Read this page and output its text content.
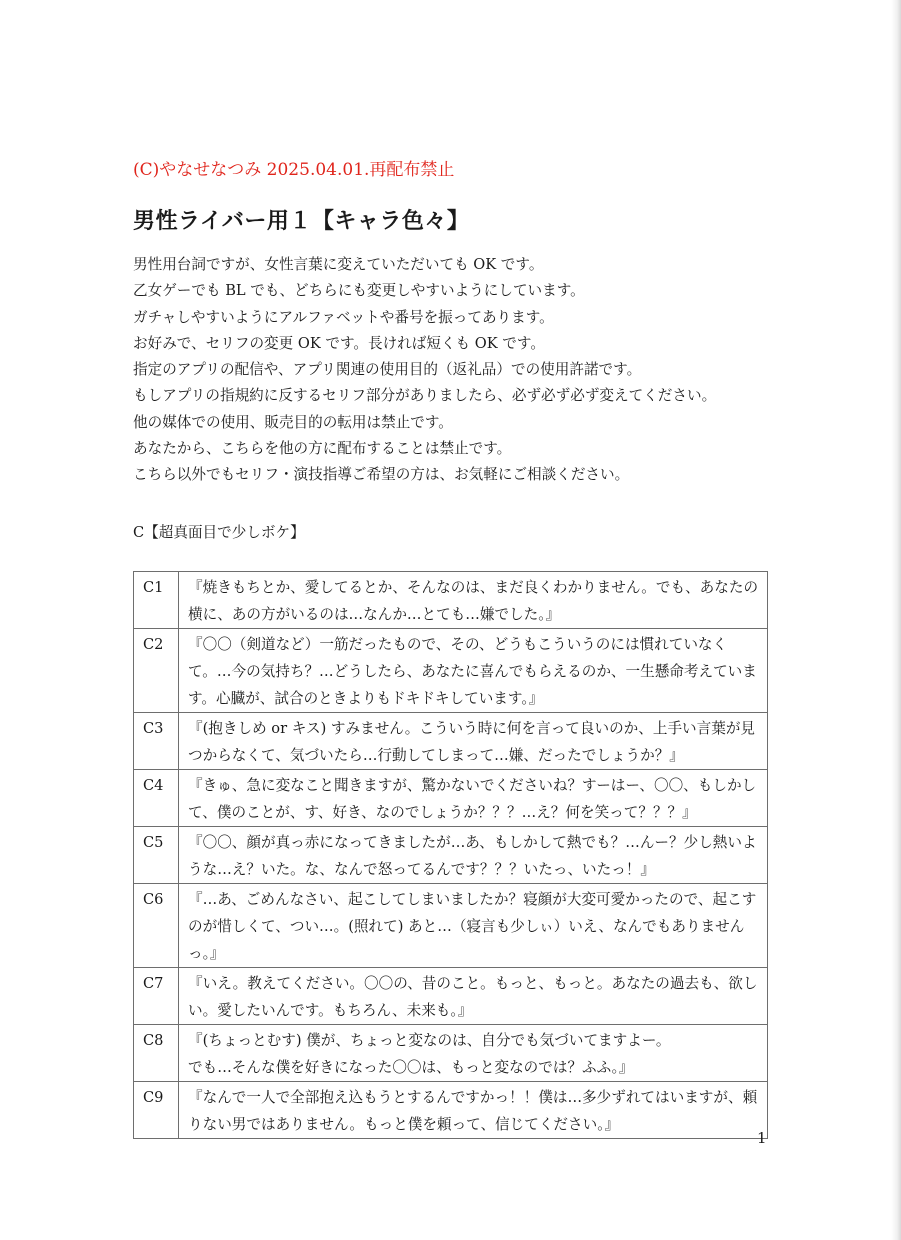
(C)やなせなつみ 2025.04.01.再配布禁止
男性ライバー用１【キャラ色々】
男性用台詞ですが、女性言葉に変えていただいても OK です。
乙女ゲーでも BL でも、どちらにも変更しやすいようにしています。
ガチャしやすいようにアルファベットや番号を振ってあります。
お好みで、セリフの変更 OK です。長ければ短くも OK です。
指定のアプリの配信や、アプリ関連の使用目的（返礼品）での使用許諾です。
もしアプリの指規約に反するセリフ部分がありましたら、必ず必ず必ず変えてください。
他の媒体での使用、販売目的の転用は禁止です。
あなたから、こちらを他の方に配布することは禁止です。
こちら以外でもセリフ・演技指導ご希望の方は、お気軽にご相談ください。
C【超真面目で少しボケ】
C1	『焼きもちとか、愛してるとか、そんなのは、まだ良くわかりません。でも、あなたの横に、あの方がいるのは…なんか…とても…嫌でした。』
C2	『〇〇（剣道など）一筋だったもので、その、どうもこういうのには慣れていなくて。…今の気持ち？…どうしたら、あなたに喜んでもらえるのか、一生懸命考えています。心臓が、試合のときよりもドキドキしています。』
C3	『(抱きしめ or キス) すみません。こういう時に何を言って良いのか、上手い言葉が見つからなくて、気づいたら…行動してしまって…嫌、だったでしょうか？』
C4	『きゅ、急に変なこと聞きますが、驚かないでくださいね？すーはー、〇〇、もしかして、僕のことが、す、好き、なのでしょうか？？？…え？何を笑って？？？』
C5	『〇〇、顔が真っ赤になってきましたが…あ、もしかして熱でも？…んー？少し熱いような…え？いた。な、なんで怒ってるんです？？？いたっ、いたっ！』
C6	『…あ、ごめんなさい、起こしてしまいましたか？寝顔が大変可愛かったので、起こすのが惜しくて、つい…。(照れて) あと…（寝言も少しぃ）いえ、なんでもありませんっ。』
C7	『いえ。教えてください。〇〇の、昔のこと。もっと、もっと。あなたの過去も、欲しい。愛したいんです。もちろん、未来も。』
C8	『(ちょっとむす) 僕が、ちょっと変なのは、自分でも気づいてますよー。
でも…そんな僕を好きになった〇〇は、もっと変なのでは？ふふ。』
C9	『なんで一人で全部抱え込もうとするんですかっ！！僕は…多少ずれてはいますが、頼りない男ではありません。もっと僕を頼って、信じてください。』
1
